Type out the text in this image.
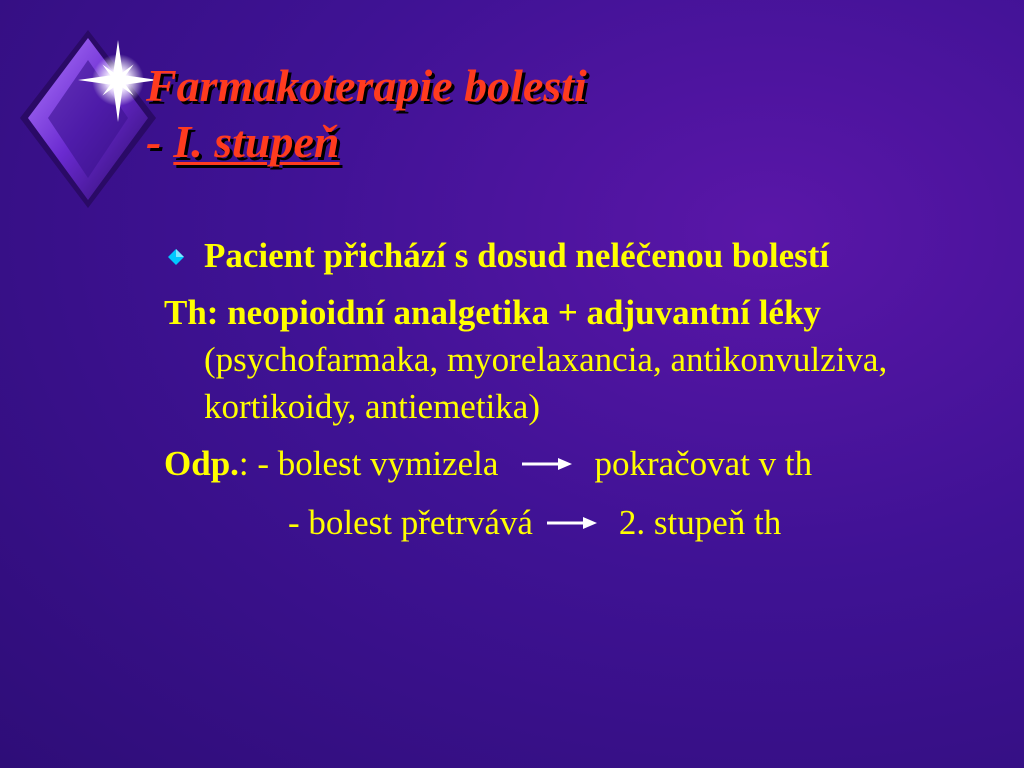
Farmakoterapie bolesti
- I. stupeň

Pacient přichází s dosud neléčenou bolestí

Th: neopioidní analgetika + adjuvantní léky (psychofarmaka, myorelaxancia, antikonvulziva, kortikoidy, antiemetika)

Odp.: - bolest vymizela	pokračovat v th
- bolest přetrvává 2. stupeň th
